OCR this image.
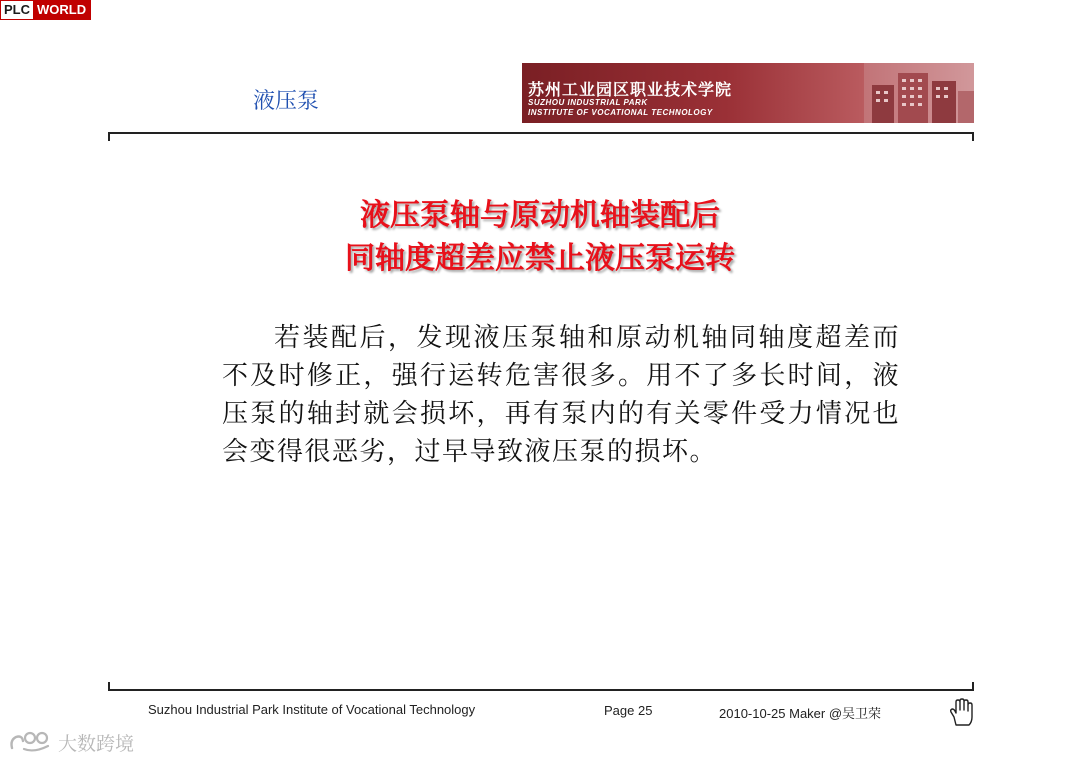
PLC WORLD
液压泵	苏州工业园区职业技术学院
SUZHOU INDUSTRIAL PARK
INSTITUTE OF VOCATIONAL TECHNOLOGY
液压泵轴与原动机轴装配后
同轴度超差应禁止液压泵运转
若装配后，发现液压泵轴和原动机轴同轴度超差而不及时修正，强行运转危害很多。用不了多长时间，液压泵的轴封就会损坏，再有泵内的有关零件受力情况也会变得很恶劣，过早导致液压泵的损坏。
Suzhou Industrial Park Institute of Vocational Technology	Page 25	2010-10-25 Maker @吴卫荣
大数跨境
